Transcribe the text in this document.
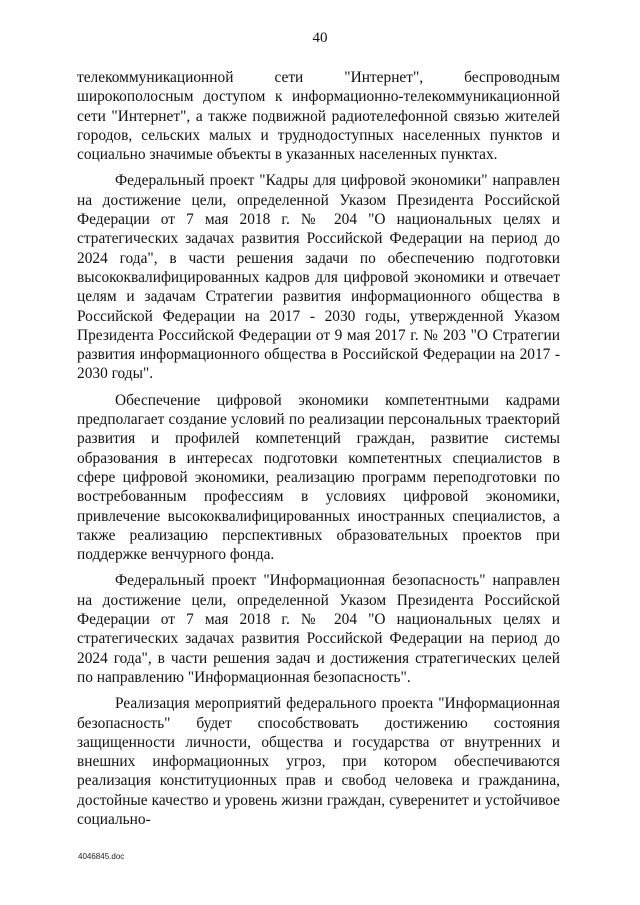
40

телекоммуникационной сети "Интернет", беспроводным широкополосным доступом к информационно-телекоммуникационной сети "Интернет", а также подвижной радиотелефонной связью жителей городов, сельских малых и труднодоступных населенных пунктов и социально значимые объекты в указанных населенных пунктах.

Федеральный проект "Кадры для цифровой экономики" направлен на достижение цели, определенной Указом Президента Российской Федерации от 7 мая 2018 г. № 204 "О национальных целях и стратегических задачах развития Российской Федерации на период до 2024 года", в части решения задачи по обеспечению подготовки высококвалифицированных кадров для цифровой экономики и отвечает целям и задачам Стратегии развития информационного общества в Российской Федерации на 2017 - 2030 годы, утвержденной Указом Президента Российской Федерации от 9 мая 2017 г. № 203 "О Стратегии развития информационного общества в Российской Федерации на 2017 - 2030 годы".

Обеспечение цифровой экономики компетентными кадрами предполагает создание условий по реализации персональных траекторий развития и профилей компетенций граждан, развитие системы образования в интересах подготовки компетентных специалистов в сфере цифровой экономики, реализацию программ переподготовки по востребованным профессиям в условиях цифровой экономики, привлечение высококвалифицированных иностранных специалистов, а также реализацию перспективных образовательных проектов при поддержке венчурного фонда.

Федеральный проект "Информационная безопасность" направлен на достижение цели, определенной Указом Президента Российской Федерации от 7 мая 2018 г. № 204 "О национальных целях и стратегических задачах развития Российской Федерации на период до 2024 года", в части решения задач и достижения стратегических целей по направлению "Информационная безопасность".

Реализация мероприятий федерального проекта "Информационная безопасность" будет способствовать достижению состояния защищенности личности, общества и государства от внутренних и внешних информационных угроз, при котором обеспечиваются реализация конституционных прав и свобод человека и гражданина, достойные качество и уровень жизни граждан, суверенитет и устойчивое социально-

4046845.doc
